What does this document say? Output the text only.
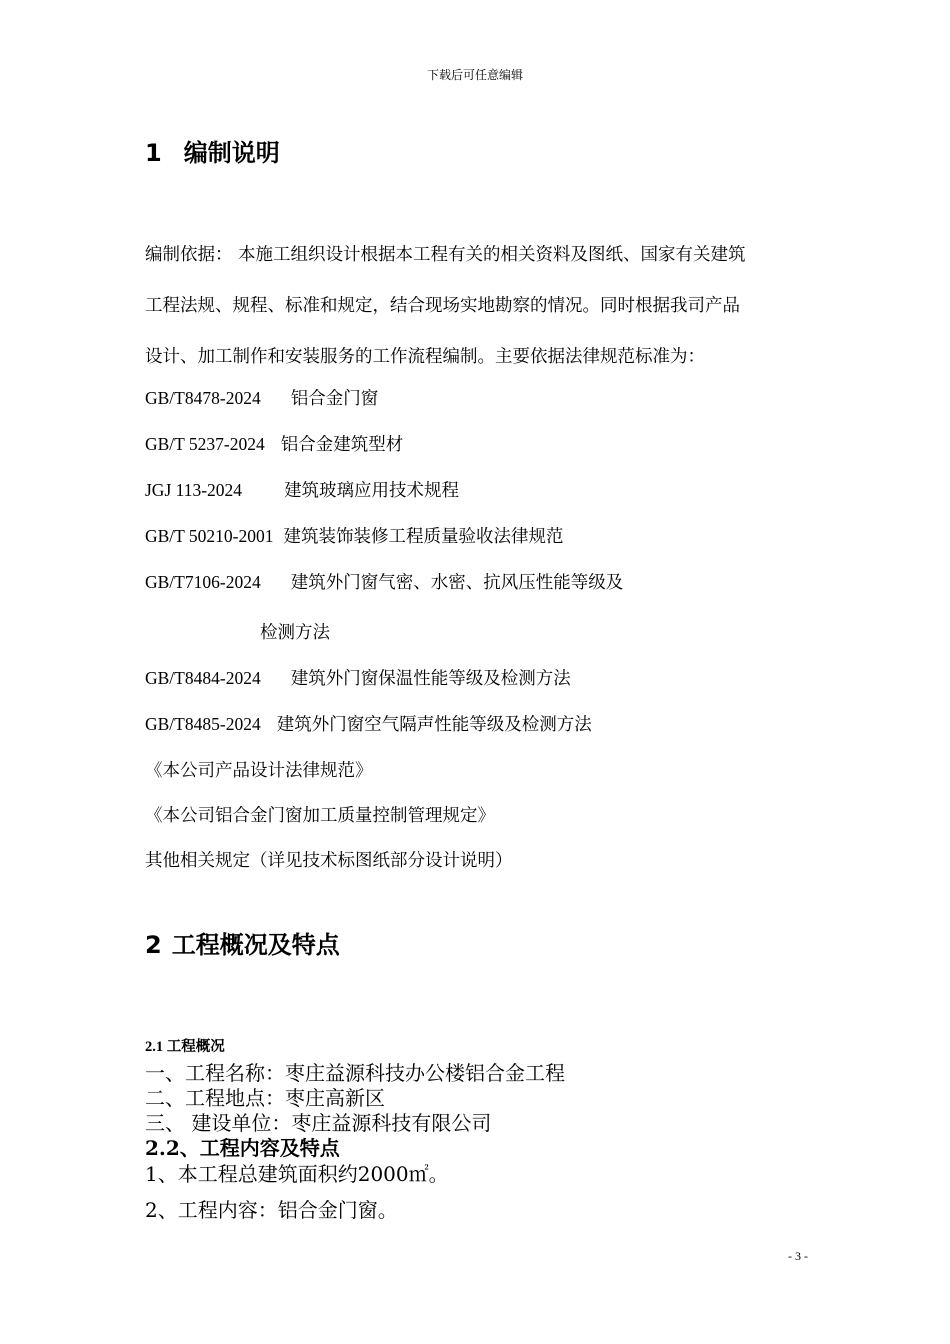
下载后可任意编辑
1 编制说明
编制依据： 本施工组织设计根据本工程有关的相关资料及图纸、国家有关建筑
工程法规、规程、标准和规定，结合现场实地勘察的情况。同时根据我司产品
设计、加工制作和安装服务的工作流程编制。主要依据法律规范标准为：
GB/T8478-2024 铝合金门窗
GB/T 5237-2024 铝合金建筑型材
JGJ 113-2024 建筑玻璃应用技术规程
GB/T 50210-2001 建筑装饰装修工程质量验收法律规范
GB/T7106-2024 建筑外门窗气密、水密、抗风压性能等级及
检测方法
GB/T8484-2024 建筑外门窗保温性能等级及检测方法
GB/T8485-2024 建筑外门窗空气隔声性能等级及检测方法
《本公司产品设计法律规范》
《本公司铝合金门窗加工质量控制管理规定》
其他相关规定（详见技术标图纸部分设计说明）
2 工程概况及特点
2.1 工程概况
一、工程名称：枣庄益源科技办公楼铝合金工程
二、工程地点：枣庄高新区
三、 建设单位：枣庄益源科技有限公司
2.2、工程内容及特点
1、本工程总建筑面积约2000㎡。
2、工程内容：铝合金门窗。
- 3 -
